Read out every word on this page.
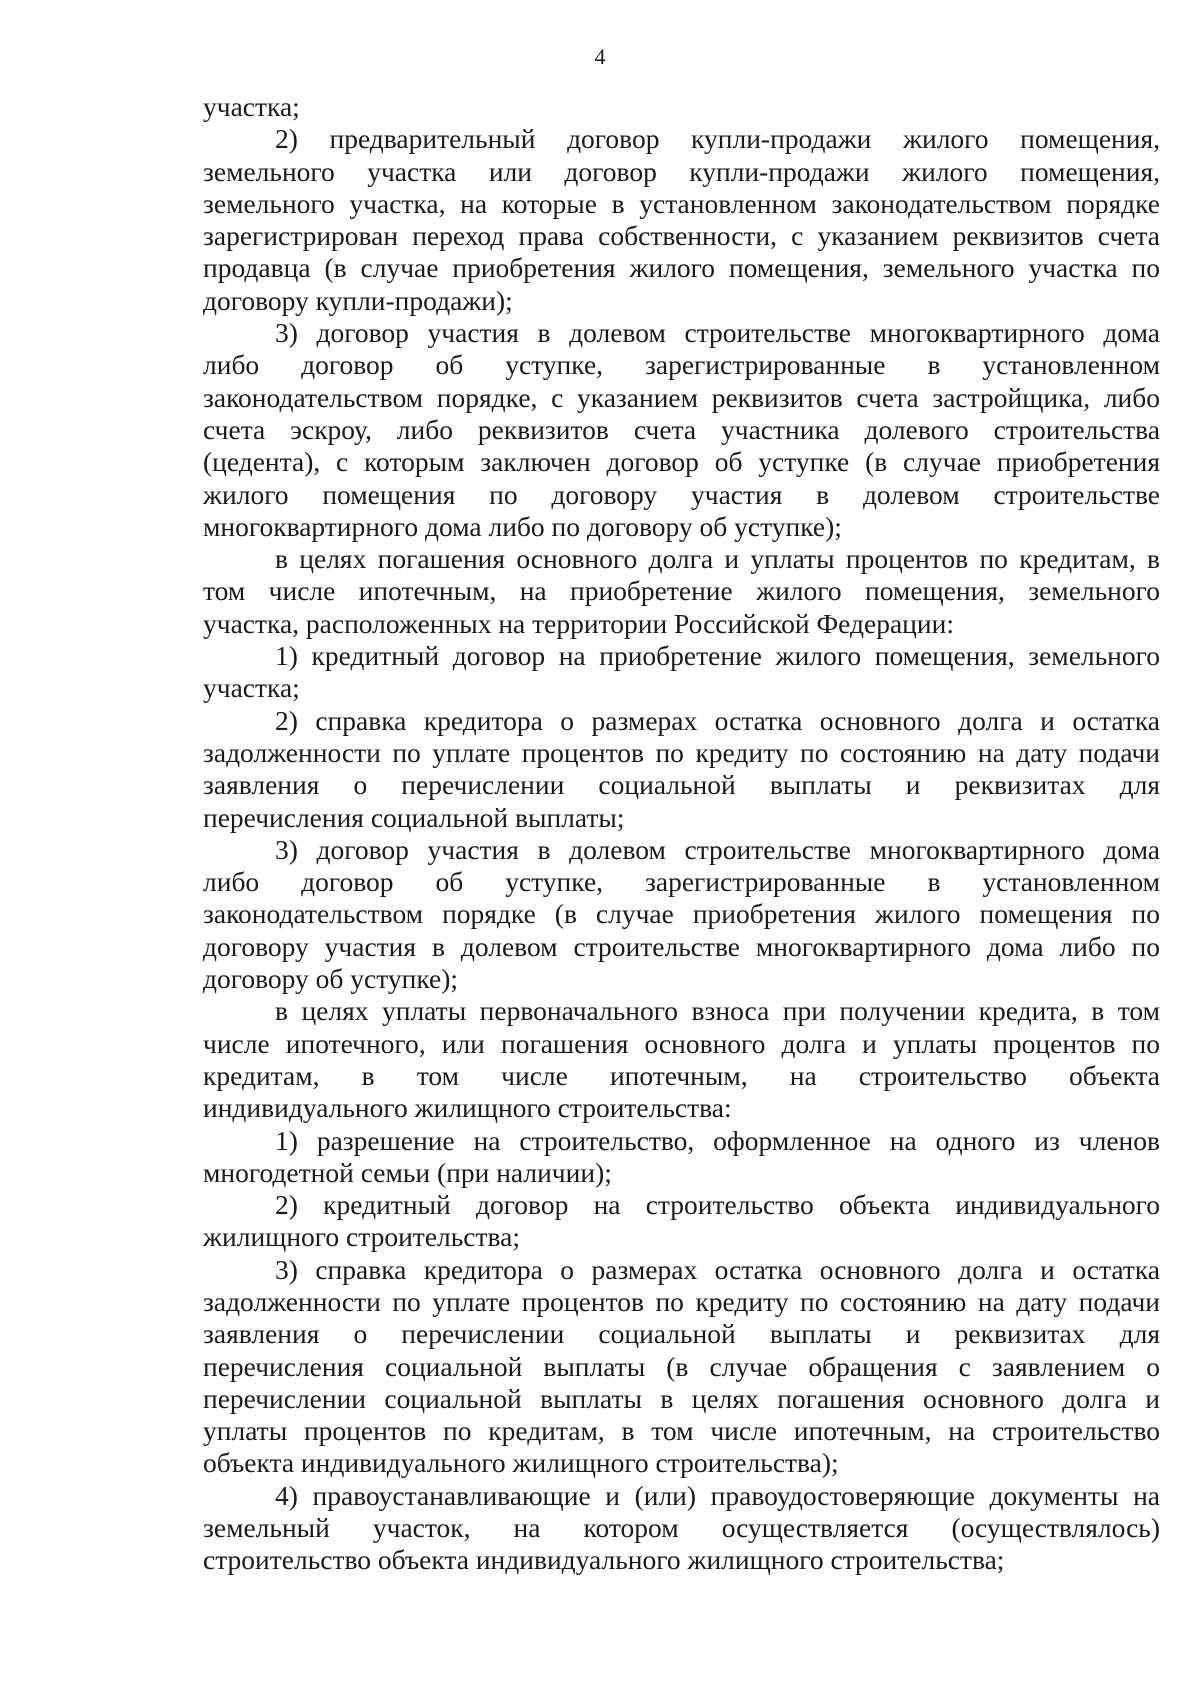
4
участка;
2) предварительный договор купли-продажи жилого помещения,
земельного участка или договор купли-продажи жилого помещения,
земельного участка, на которые в установленном законодательством порядке
зарегистрирован переход права собственности, с указанием реквизитов счета
продавца (в случае приобретения жилого помещения, земельного участка по
договору купли-продажи);
3) договор участия в долевом строительстве многоквартирного дома
либо договор об уступке, зарегистрированные в установленном
законодательством порядке, с указанием реквизитов счета застройщика, либо
счета эскроу, либо реквизитов счета участника долевого строительства
(цедента), с которым заключен договор об уступке (в случае приобретения
жилого помещения по договору участия в долевом строительстве
многоквартирного дома либо по договору об уступке);
в целях погашения основного долга и уплаты процентов по кредитам, в
том числе ипотечным, на приобретение жилого помещения, земельного
участка, расположенных на территории Российской Федерации:
1) кредитный договор на приобретение жилого помещения, земельного
участка;
2) справка кредитора о размерах остатка основного долга и остатка
задолженности по уплате процентов по кредиту по состоянию на дату подачи
заявления о перечислении социальной выплаты и реквизитах для
перечисления социальной выплаты;
3) договор участия в долевом строительстве многоквартирного дома
либо договор об уступке, зарегистрированные в установленном
законодательством порядке (в случае приобретения жилого помещения по
договору участия в долевом строительстве многоквартирного дома либо по
договору об уступке);
в целях уплаты первоначального взноса при получении кредита, в том
числе ипотечного, или погашения основного долга и уплаты процентов по
кредитам, в том числе ипотечным, на строительство объекта
индивидуального жилищного строительства:
1) разрешение на строительство, оформленное на одного из членов
многодетной семьи (при наличии);
2) кредитный договор на строительство объекта индивидуального
жилищного строительства;
3) справка кредитора о размерах остатка основного долга и остатка
задолженности по уплате процентов по кредиту по состоянию на дату подачи
заявления о перечислении социальной выплаты и реквизитах для
перечисления социальной выплаты (в случае обращения с заявлением о
перечислении социальной выплаты в целях погашения основного долга и
уплаты процентов по кредитам, в том числе ипотечным, на строительство
объекта индивидуального жилищного строительства);
4) правоустанавливающие и (или) правоудостоверяющие документы на
земельный участок, на котором осуществляется (осуществлялось)
строительство объекта индивидуального жилищного строительства;
